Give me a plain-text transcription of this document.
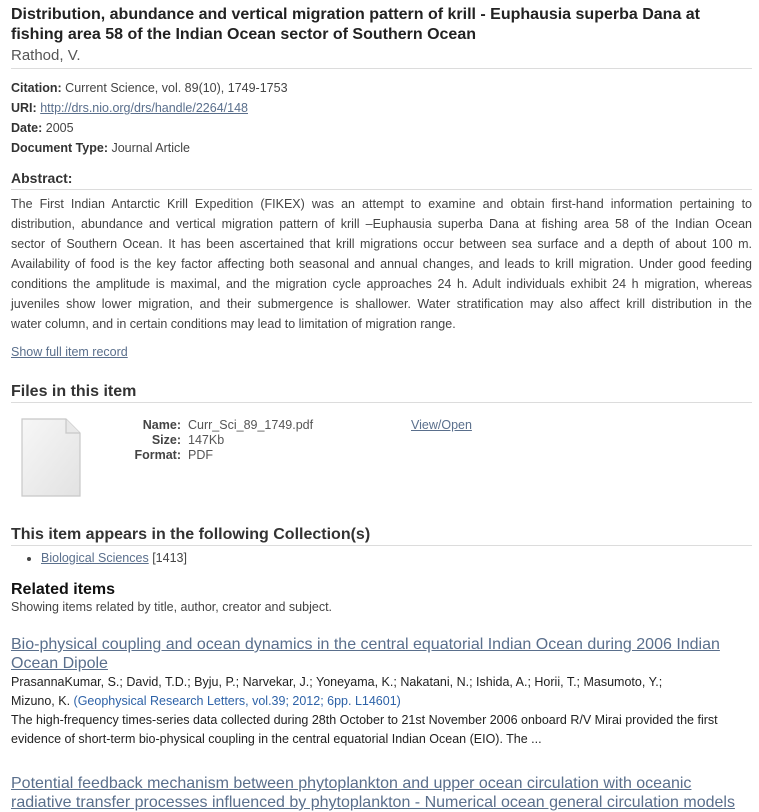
Distribution, abundance and vertical migration pattern of krill - Euphausia superba Dana at
fishing area 58 of the Indian Ocean sector of Southern Ocean
Rathod, V.
Citation: Current Science, vol. 89(10), 1749-1753
URI: http://drs.nio.org/drs/handle/2264/148
Date: 2005
Document Type: Journal Article
Abstract:
The First Indian Antarctic Krill Expedition (FIKEX) was an attempt to examine and obtain first-hand information pertaining to
distribution, abundance and vertical migration pattern of krill –Euphausia superba Dana at fishing area 58 of the Indian Ocean
sector of Southern Ocean. It has been ascertained that krill migrations occur between sea surface and a depth of about 100 m.
Availability of food is the key factor affecting both seasonal and annual changes, and leads to krill migration. Under good feeding
conditions the amplitude is maximal, and the migration cycle approaches 24 h. Adult individuals exhibit 24 h migration, whereas
juveniles show lower migration, and their submergence is shallower. Water stratification may also affect krill distribution in the
water column, and in certain conditions may lead to limitation of migration range.
Show full item record
Files in this item
Name: Curr_Sci_89_1749.pdf
Size: 147Kb
Format: PDF
View/Open
This item appears in the following Collection(s)
Biological Sciences [1413]
Related items
Showing items related by title, author, creator and subject.
Bio-physical coupling and ocean dynamics in the central equatorial Indian Ocean during 2006 Indian
Ocean Dipole
PrasannaKumar, S.; David, T.D.; Byju, P.; Narvekar, J.; Yoneyama, K.; Nakatani, N.; Ishida, A.; Horii, T.; Masumoto, Y.;
Mizuno, K. (Geophysical Research Letters, vol.39; 2012; 6pp. L14601)
The high-frequency times-series data collected during 28th October to 21st November 2006 onboard R/V Mirai provided the first
evidence of short-term bio-physical coupling in the central equatorial Indian Ocean (EIO). The ...
Potential feedback mechanism between phytoplankton and upper ocean circulation with oceanic
radiative transfer processes influenced by phytoplankton - Numerical ocean general circulation models
